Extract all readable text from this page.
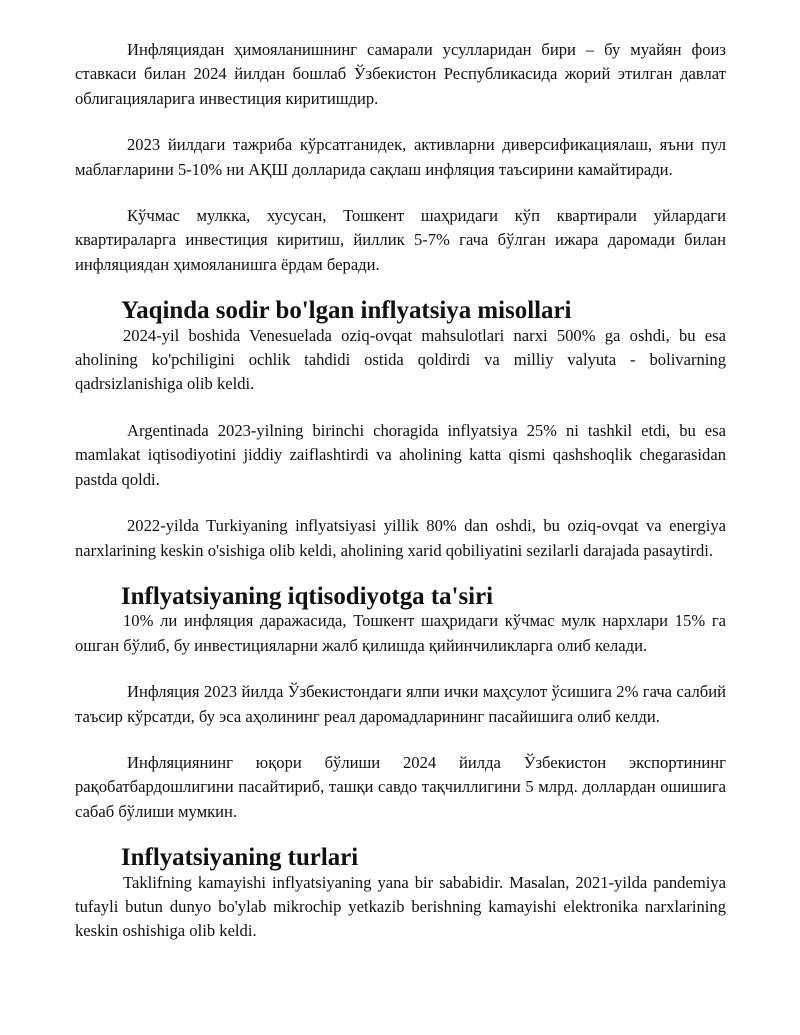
Инфляциядан ҳимояланишнинг самарали усулларидан бири – бу муайян фоиз ставкаси билан 2024 йилдан бошлаб Ўзбекистон Республикасида жорий этилган давлат облигацияларига инвестиция киритишдир.

2023 йилдаги тажриба кўрсатганидек, активларни диверсификациялаш, яъни пул маблағларини 5-10% ни АҚШ долларида сақлаш инфляция таъсирини камайтиради.

Кўчмас мулкка, хусусан, Тошкент шаҳридаги кўп квартирали уйлардаги квартираларга инвестиция киритиш, йиллик 5-7% гача бўлган ижара даромади билан инфляциядан ҳимояланишга ёрдам беради.

Yaqinda sodir bo'lgan inflyatsiya misollari

2024-yil boshida Venesuelada oziq-ovqat mahsulotlari narxi 500% ga oshdi, bu esa aholining ko'pchiligini ochlik tahdidi ostida qoldirdi va milliy valyuta - bolivarning qadrsizlanishiga olib keldi.

Argentinada 2023-yilning birinchi choragida inflyatsiya 25% ni tashkil etdi, bu esa mamlakat iqtisodiyotini jiddiy zaiflashtirdi va aholining katta qismi qashshoqlik chegarasidan pastda qoldi.

2022-yilda Turkiyaning inflyatsiyasi yillik 80% dan oshdi, bu oziq-ovqat va energiya narxlarining keskin o'sishiga olib keldi, aholining xarid qobiliyatini sezilarli darajada pasaytirdi.

Inflyatsiyaning iqtisodiyotga ta'siri

10% ли инфляция даражасида, Тошкент шаҳридаги кўчмас мулк нархлари 15% га ошган бўлиб, бу инвестицияларни жалб қилишда қийинчиликларга олиб келади.

Инфляция 2023 йилда Ўзбекистондаги ялпи ички маҳсулот ўсишига 2% гача салбий таъсир кўрсатди, бу эса аҳолининг реал даромадларининг пасайишига олиб келди.

Инфляциянинг юқори бўлиши 2024 йилда Ўзбекистон экспортининг рақобатбардошлигини пасайтириб, ташқи савдо тақчиллигини 5 млрд. доллардан ошишига сабаб бўлиши мумкин.

Inflyatsiyaning turlari

Taklifning kamayishi inflyatsiyaning yana bir sababidir. Masalan, 2021-yilda pandemiya tufayli butun dunyo bo'ylab mikrochip yetkazib berishning kamayishi elektronika narxlarining keskin oshishiga olib keldi.
